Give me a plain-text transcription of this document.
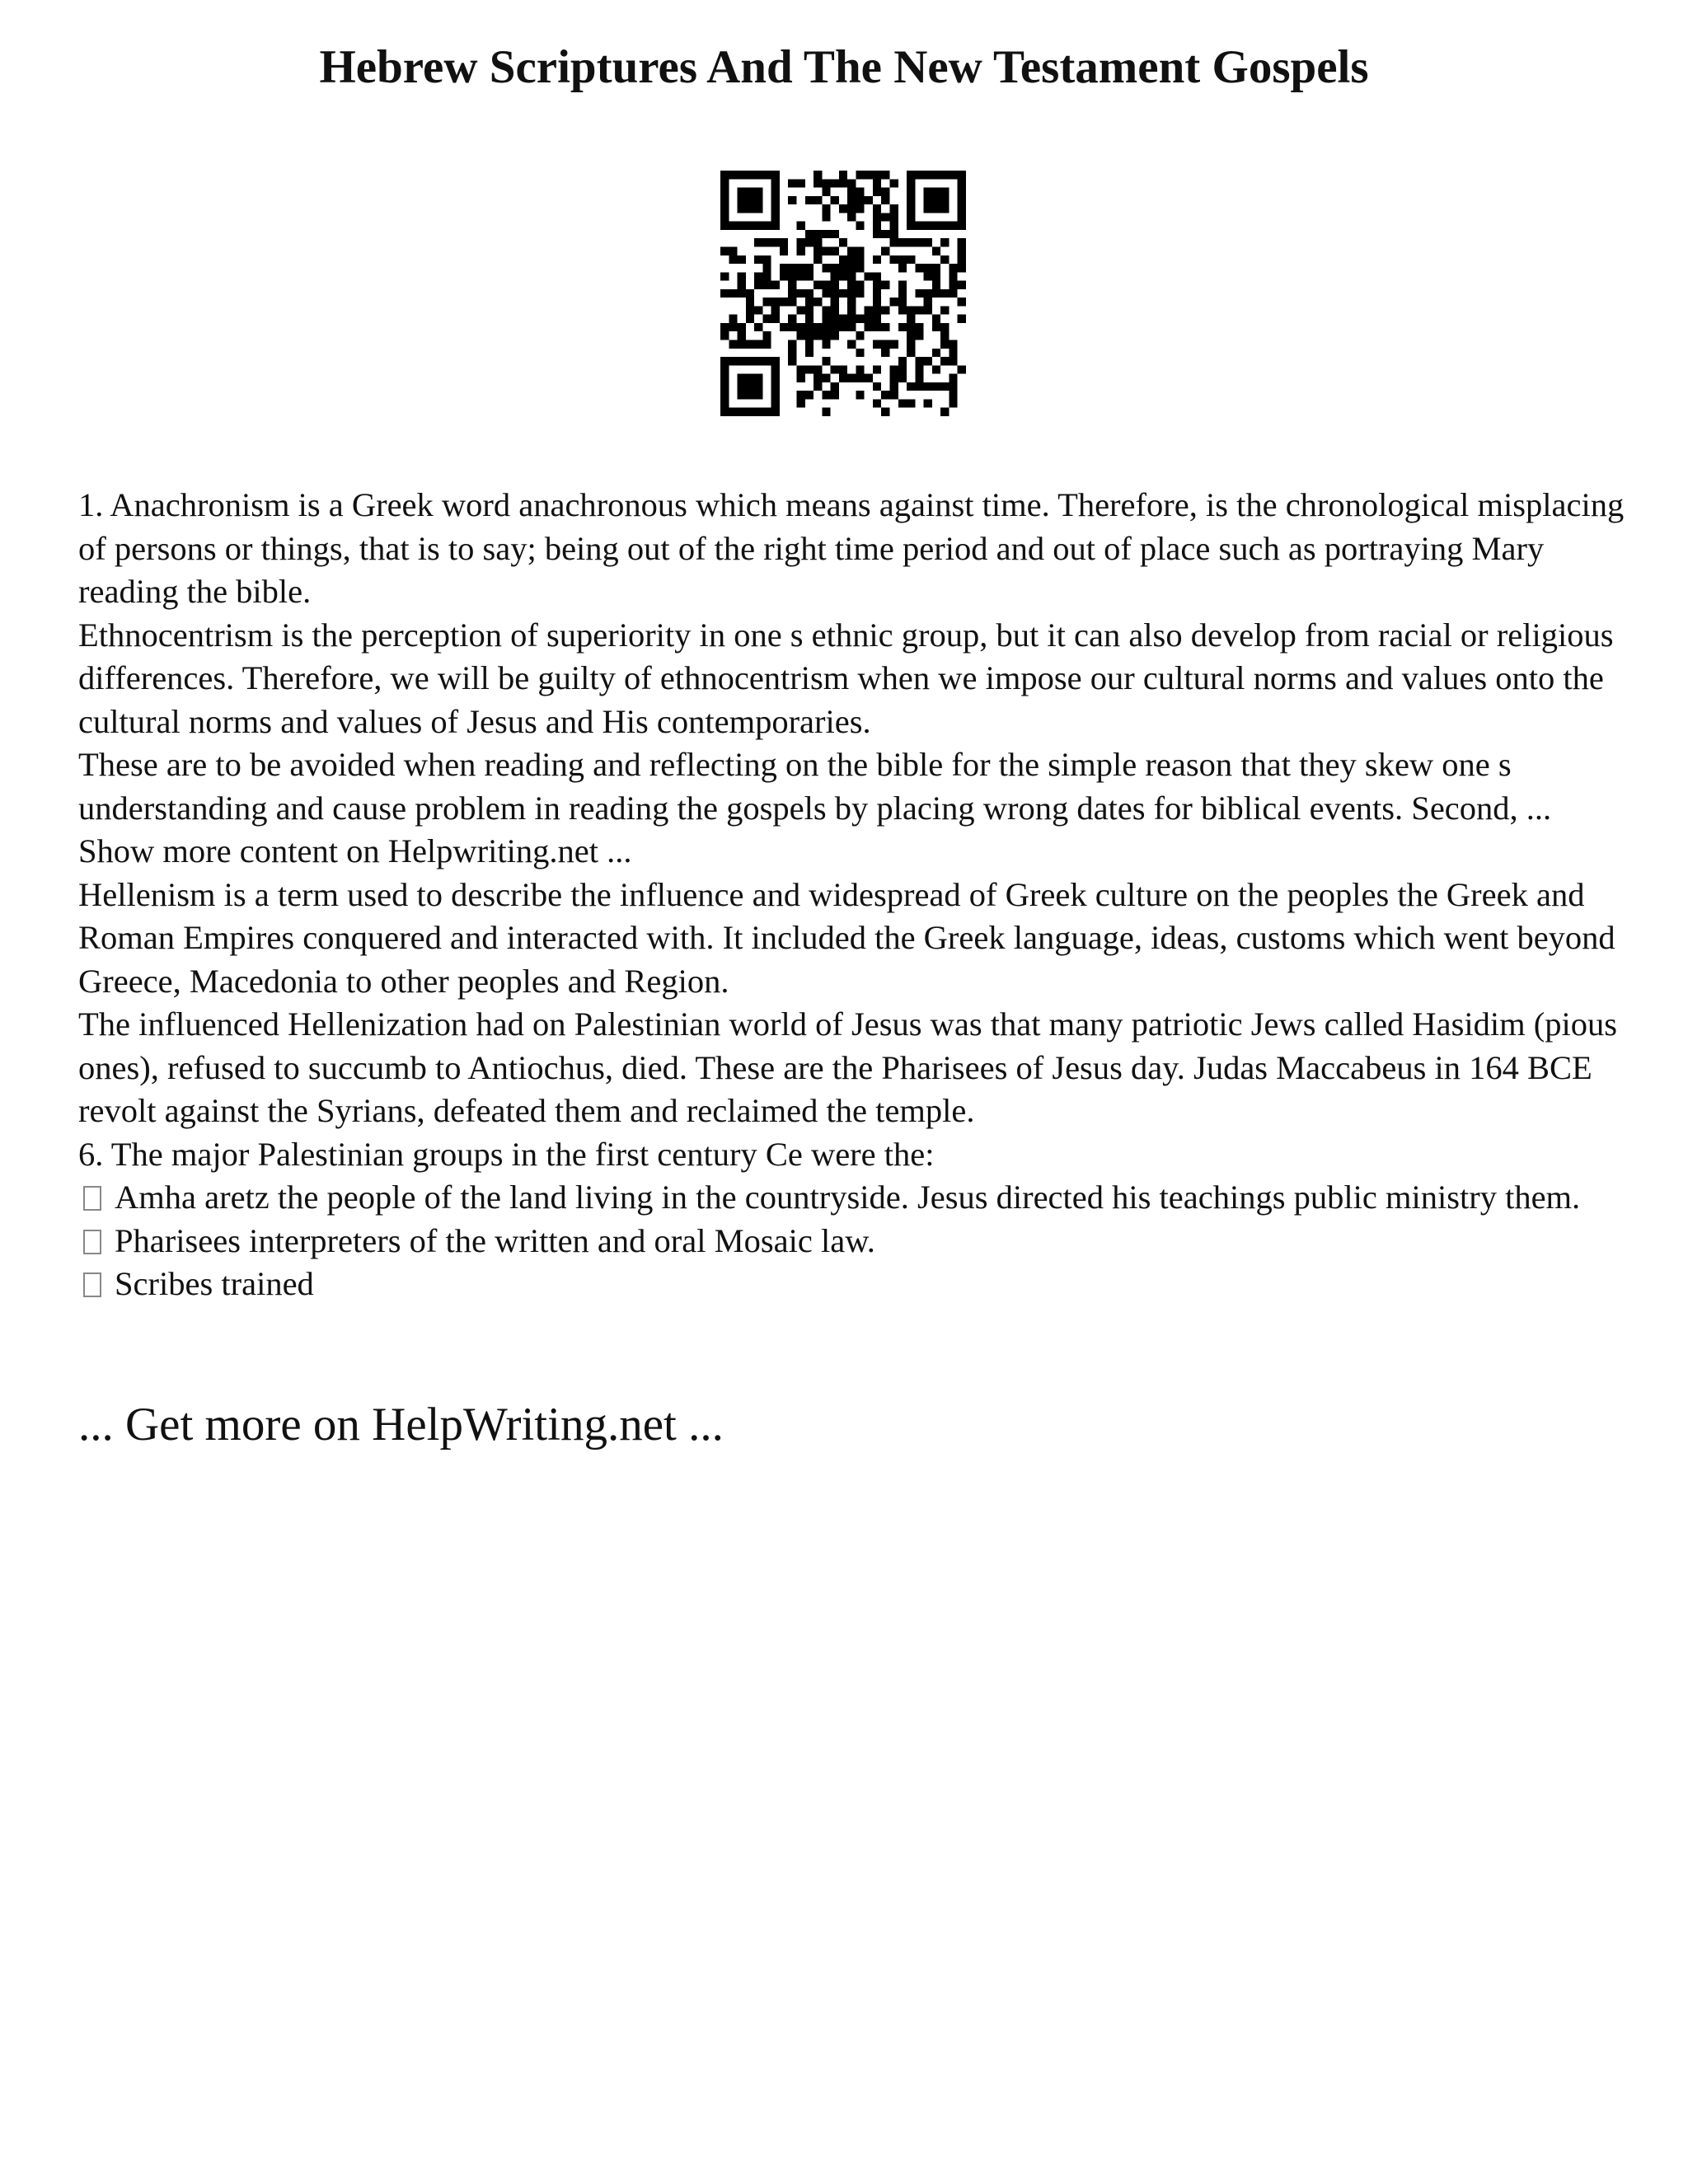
Hebrew Scriptures And The New Testament Gospels

1. Anachronism is a Greek word anachronous which means against time. Therefore, is the chronological misplacing of persons or things, that is to say; being out of the right time period and out of place such as portraying Mary reading the bible.

Ethnocentrism is the perception of superiority in one s ethnic group, but it can also develop from racial or religious differences. Therefore, we will be guilty of ethnocentrism when we impose our cultural norms and values onto the cultural norms and values of Jesus and His contemporaries.

These are to be avoided when reading and reflecting on the bible for the simple reason that they skew one s understanding and cause problem in reading the gospels by placing wrong dates for biblical events. Second, ... Show more content on Helpwriting.net ...

Hellenism is a term used to describe the influence and widespread of Greek culture on the peoples the Greek and Roman Empires conquered and interacted with. It included the Greek language, ideas, customs which went beyond Greece, Macedonia to other peoples and Region.

The influenced Hellenization had on Palestinian world of Jesus was that many patriotic Jews called Hasidim (pious ones), refused to succumb to Antiochus, died. These are the Pharisees of Jesus day. Judas Maccabeus in 164 BCE revolt against the Syrians, defeated them and reclaimed the temple.

6. The major Palestinian groups in the first century Ce were the:

Amha aretz the people of the land living in the countryside. Jesus directed his teachings public ministry them.

Pharisees interpreters of the written and oral Mosaic law.

Scribes trained

... Get more on HelpWriting.net ...
